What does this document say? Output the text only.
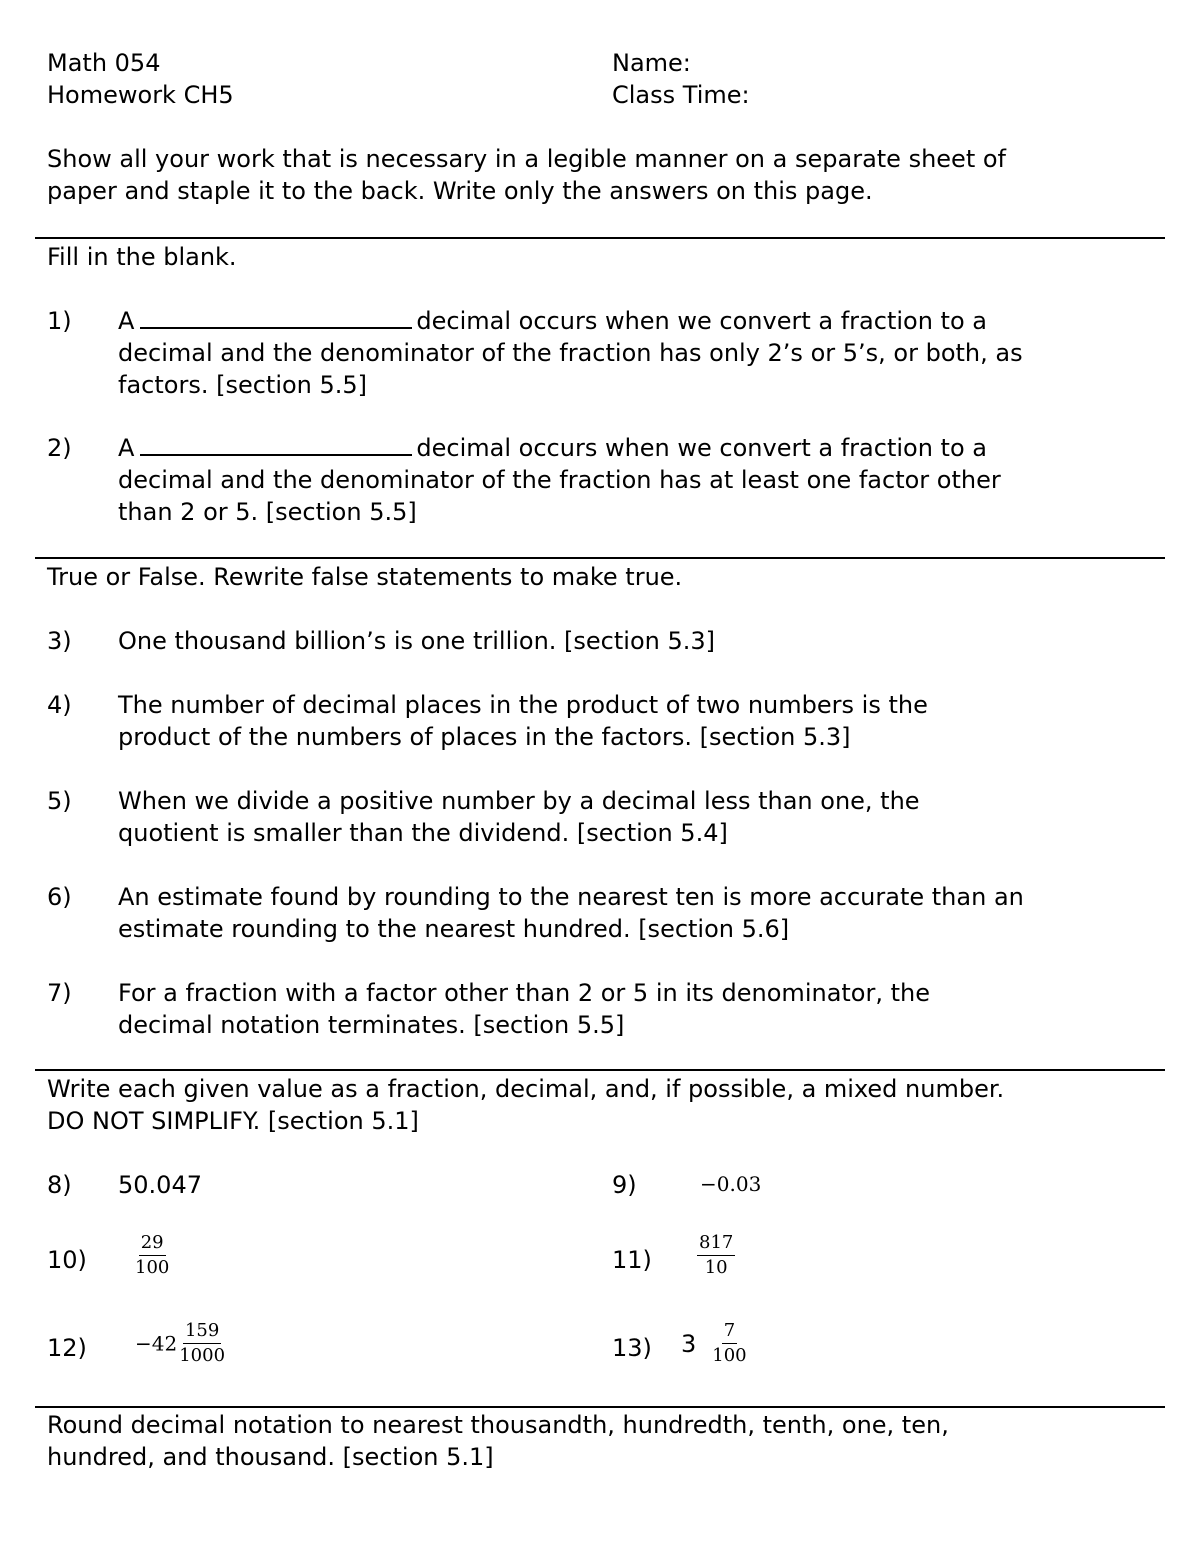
Math 054
Homework CH5
Name:
Class Time:
Show all your work that is necessary in a legible manner on a separate sheet of
paper and staple it to the back. Write only the answers on this page.
Fill in the blank.
1) A	decimal occurs when we convert a fraction to a
decimal and the denominator of the fraction has only 2’s or 5’s, or both, as
factors. [section 5.5]
2) A	decimal occurs when we convert a fraction to a
decimal and the denominator of the fraction has at least one factor other
than 2 or 5. [section 5.5]
True or False. Rewrite false statements to make true.
3) One thousand billion’s is one trillion. [section 5.3]
4) The number of decimal places in the product of two numbers is the
product of the numbers of places in the factors. [section 5.3]
5) When we divide a positive number by a decimal less than one, the
quotient is smaller than the dividend. [section 5.4]
6) An estimate found by rounding to the nearest ten is more accurate than an
estimate rounding to the nearest hundred. [section 5.6]
7) For a fraction with a factor other than 2 or 5 in its denominator, the
decimal notation terminates. [section 5.5]
Write each given value as a fraction, decimal, and, if possible, a mixed number.
DO NOT SIMPLIFY. [section 5.1]
8) 50.047	9)	−0.03
10)	$\frac{29}{100}$	11)	$\frac{817}{10}$
$12) -42 \frac{159}{1000}$	13) $3 \frac{7}{100}$
Round decimal notation to nearest thousandth, hundredth, tenth, one, ten,
hundred, and thousand. [section 5.1]
